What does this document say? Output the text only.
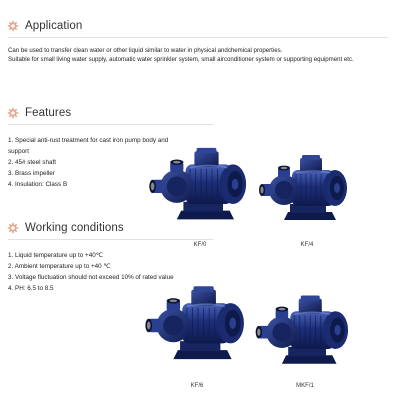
Application
Can be used to transfer clean water or other liquid similar to water in physical andchemical properties.
Suitable for small living water supply, automatic water sprinkler system, small airconditioner system or supporting equipment etc.
Features
1. Special anti-rust treatment for cast iron pump body and
support
2. 45# steel shaft
3. Brass impeller
4. Insulation: Class B
Working conditions
1. Liquid temperature up to +40℃
2. Ambient temperature up to +40 ℃
3. Voltage fluctuation should not exceed 10% of rated value
4. PH: 6.5 to 8.5
KF/0	KF/4
KF/6	MKF/1
